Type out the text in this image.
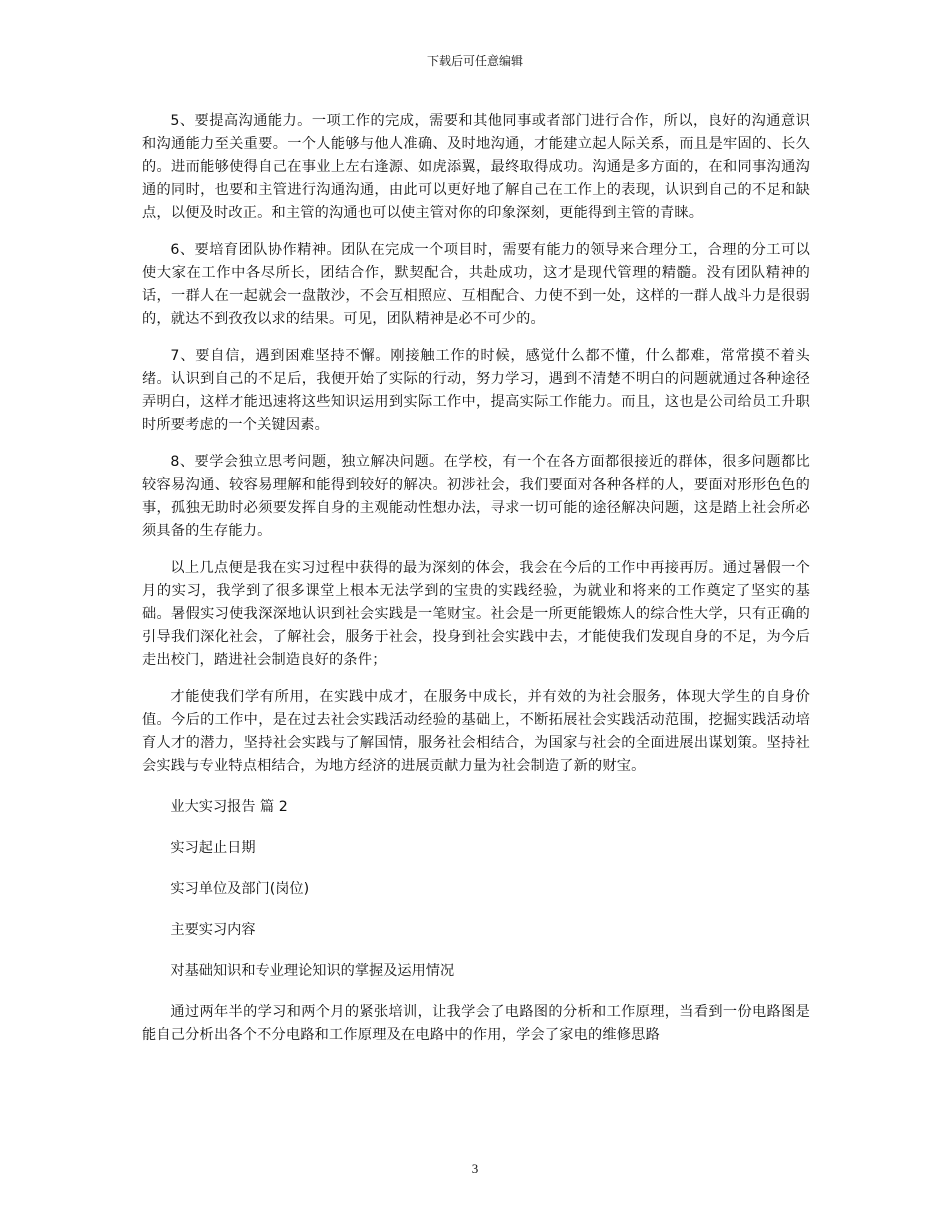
下载后可任意编辑

5、要提高沟通能力。一项工作的完成，需要和其他同事或者部门进行合作，所以，良好的沟通意识和沟通能力至关重要。一个人能够与他人准确、及时地沟通，才能建立起人际关系，而且是牢固的、长久的。进而能够使得自己在事业上左右逢源、如虎添翼，最终取得成功。沟通是多方面的，在和同事沟通沟通的同时，也要和主管进行沟通沟通，由此可以更好地了解自己在工作上的表现，认识到自己的不足和缺点，以便及时改正。和主管的沟通也可以使主管对你的印象深刻，更能得到主管的青睐。

6、要培育团队协作精神。团队在完成一个项目时，需要有能力的领导来合理分工，合理的分工可以使大家在工作中各尽所长，团结合作，默契配合，共赴成功，这才是现代管理的精髓。没有团队精神的话，一群人在一起就会一盘散沙，不会互相照应、互相配合、力使不到一处，这样的一群人战斗力是很弱的，就达不到孜孜以求的结果。可见，团队精神是必不可少的。

7、要自信，遇到困难坚持不懈。刚接触工作的时候，感觉什么都不懂，什么都难，常常摸不着头绪。认识到自己的不足后，我便开始了实际的行动，努力学习，遇到不清楚不明白的问题就通过各种途径弄明白，这样才能迅速将这些知识运用到实际工作中，提高实际工作能力。而且，这也是公司给员工升职时所要考虑的一个关键因素。

8、要学会独立思考问题，独立解决问题。在学校，有一个在各方面都很接近的群体，很多问题都比较容易沟通、较容易理解和能得到较好的解决。初涉社会，我们要面对各种各样的人，要面对形形色色的事，孤独无助时必须要发挥自身的主观能动性想办法，寻求一切可能的途径解决问题，这是踏上社会所必须具备的生存能力。

以上几点便是我在实习过程中获得的最为深刻的体会，我会在今后的工作中再接再厉。通过暑假一个月的实习，我学到了很多课堂上根本无法学到的宝贵的实践经验，为就业和将来的工作奠定了坚实的基础。暑假实习使我深深地认识到社会实践是一笔财宝。社会是一所更能锻炼人的综合性大学，只有正确的引导我们深化社会，了解社会，服务于社会，投身到社会实践中去，才能使我们发现自身的不足，为今后走出校门，踏进社会制造良好的条件；

才能使我们学有所用，在实践中成才，在服务中成长，并有效的为社会服务，体现大学生的自身价值。今后的工作中，是在过去社会实践活动经验的基础上，不断拓展社会实践活动范围，挖掘实践活动培育人才的潜力，坚持社会实践与了解国情，服务社会相结合，为国家与社会的全面进展出谋划策。坚持社会实践与专业特点相结合，为地方经济的进展贡献力量为社会制造了新的财宝。

业大实习报告 篇 2

实习起止日期

实习单位及部门(岗位)

主要实习内容

对基础知识和专业理论知识的掌握及运用情况

通过两年半的学习和两个月的紧张培训，让我学会了电路图的分析和工作原理，当看到一份电路图是能自己分析出各个不分电路和工作原理及在电路中的作用，学会了家电的维修思路

3
